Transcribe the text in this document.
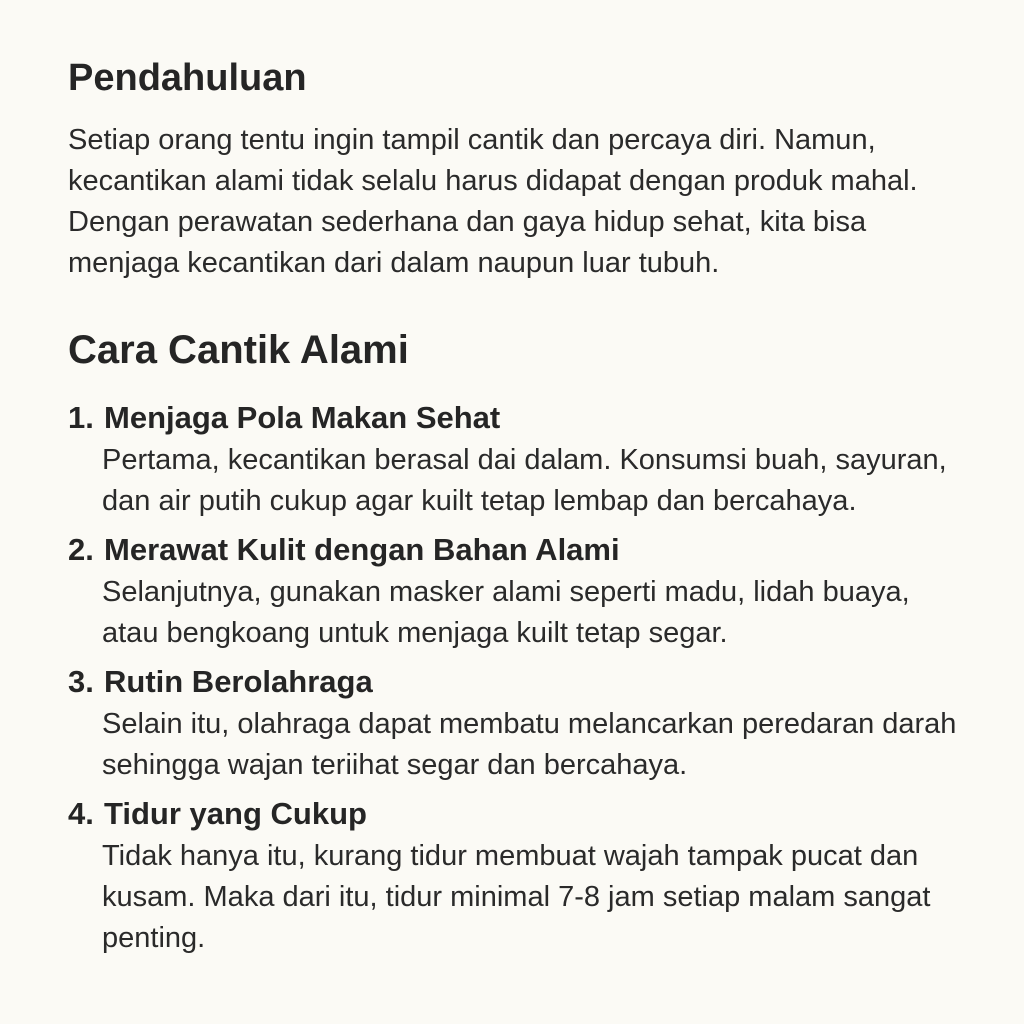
Pendahuluan

Setiap orang tentu ingin tampil cantik dan percaya diri. Namun, kecantikan alami tidak selalu harus didapat dengan produk mahal. Dengan perawatan sederhana dan gaya hidup sehat, kita bisa menjaga kecantikan dari dalam naupun luar tubuh.

Cara Cantik Alami
1. Menjaga Pola Makan Sehat

Pertama, kecantikan berasal dai dalam. Konsumsi buah, sayuran, dan air putih cukup agar kuilt tetap lembap dan bercahaya.

2. Merawat Kulit dengan Bahan Alami

Selanjutnya, gunakan masker alami seperti madu, lidah buaya, atau bengkoang untuk menjaga kuilt tetap segar.

3. Rutin Berolahraga

Selain itu, olahraga dapat membatu melancarkan peredaran darah sehingga wajan teriihat segar dan bercahaya.

4. Tidur yang Cukup

Tidak hanya itu, kurang tidur membuat wajah tampak pucat dan kusam. Maka dari itu, tidur minimal 7-8 jam setiap malam sangat penting.
